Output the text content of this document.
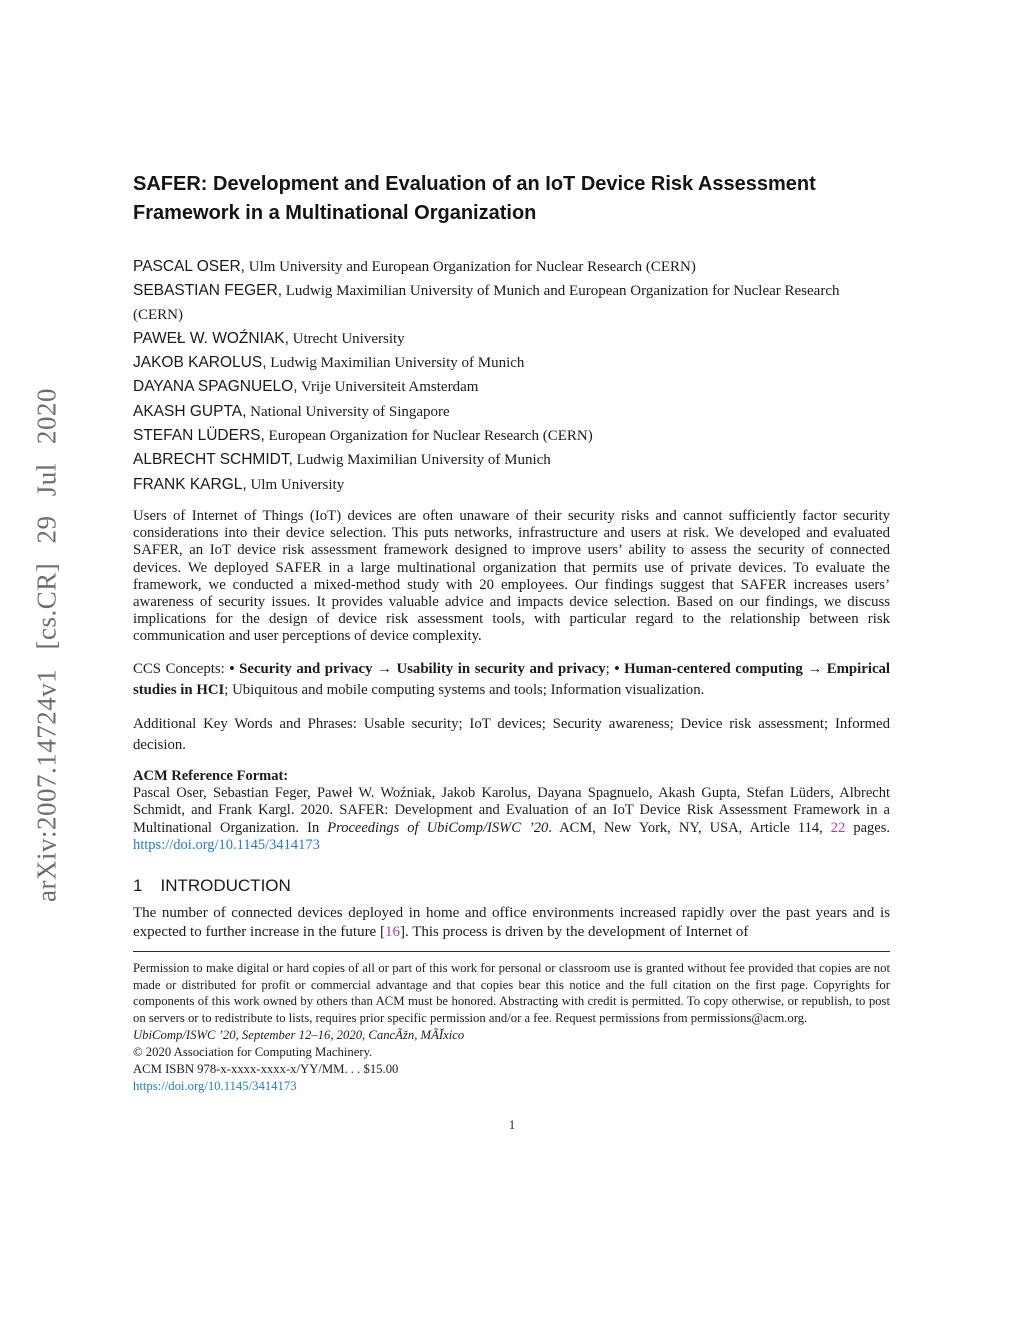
arXiv:2007.14724v1 [cs.CR] 29 Jul 2020
SAFER: Development and Evaluation of an IoT Device Risk Assessment Framework in a Multinational Organization
PASCAL OSER, Ulm University and European Organization for Nuclear Research (CERN)
SEBASTIAN FEGER, Ludwig Maximilian University of Munich and European Organization for Nuclear Research (CERN)
PAWEŁ W. WOŹNIAK, Utrecht University
JAKOB KAROLUS, Ludwig Maximilian University of Munich
DAYANA SPAGNUELO, Vrije Universiteit Amsterdam
AKASH GUPTA, National University of Singapore
STEFAN LÜDERS, European Organization for Nuclear Research (CERN)
ALBRECHT SCHMIDT, Ludwig Maximilian University of Munich
FRANK KARGL, Ulm University
Users of Internet of Things (IoT) devices are often unaware of their security risks and cannot sufficiently factor security considerations into their device selection. This puts networks, infrastructure and users at risk. We developed and evaluated SAFER, an IoT device risk assessment framework designed to improve users’ ability to assess the security of connected devices. We deployed SAFER in a large multinational organization that permits use of private devices. To evaluate the framework, we conducted a mixed-method study with 20 employees. Our findings suggest that SAFER increases users’ awareness of security issues. It provides valuable advice and impacts device selection. Based on our findings, we discuss implications for the design of device risk assessment tools, with particular regard to the relationship between risk communication and user perceptions of device complexity.
CCS Concepts: • Security and privacy → Usability in security and privacy; • Human-centered computing → Empirical studies in HCI; Ubiquitous and mobile computing systems and tools; Information visualization.
Additional Key Words and Phrases: Usable security; IoT devices; Security awareness; Device risk assessment; Informed decision.
ACM Reference Format:
Pascal Oser, Sebastian Feger, Paweł W. Woźniak, Jakob Karolus, Dayana Spagnuelo, Akash Gupta, Stefan Lüders, Albrecht Schmidt, and Frank Kargl. 2020. SAFER: Development and Evaluation of an IoT Device Risk Assessment Framework in a Multinational Organization. In Proceedings of UbiComp/ISWC ’20. ACM, New York, NY, USA, Article 114, 22 pages. https://doi.org/10.1145/3414173
1 INTRODUCTION
The number of connected devices deployed in home and office environments increased rapidly over the past years and is expected to further increase in the future [16]. This process is driven by the development of Internet of
Permission to make digital or hard copies of all or part of this work for personal or classroom use is granted without fee provided that copies are not made or distributed for profit or commercial advantage and that copies bear this notice and the full citation on the first page. Copyrights for components of this work owned by others than ACM must be honored. Abstracting with credit is permitted. To copy otherwise, or republish, to post on servers or to redistribute to lists, requires prior specific permission and/or a fee. Request permissions from permissions@acm.org.
UbiComp/ISWC ’20, September 12–16, 2020, CancÃžn, MÃĬxico
© 2020 Association for Computing Machinery.
ACM ISBN 978-x-xxxx-xxxx-x/YY/MM. . . $15.00
https://doi.org/10.1145/3414173
1
